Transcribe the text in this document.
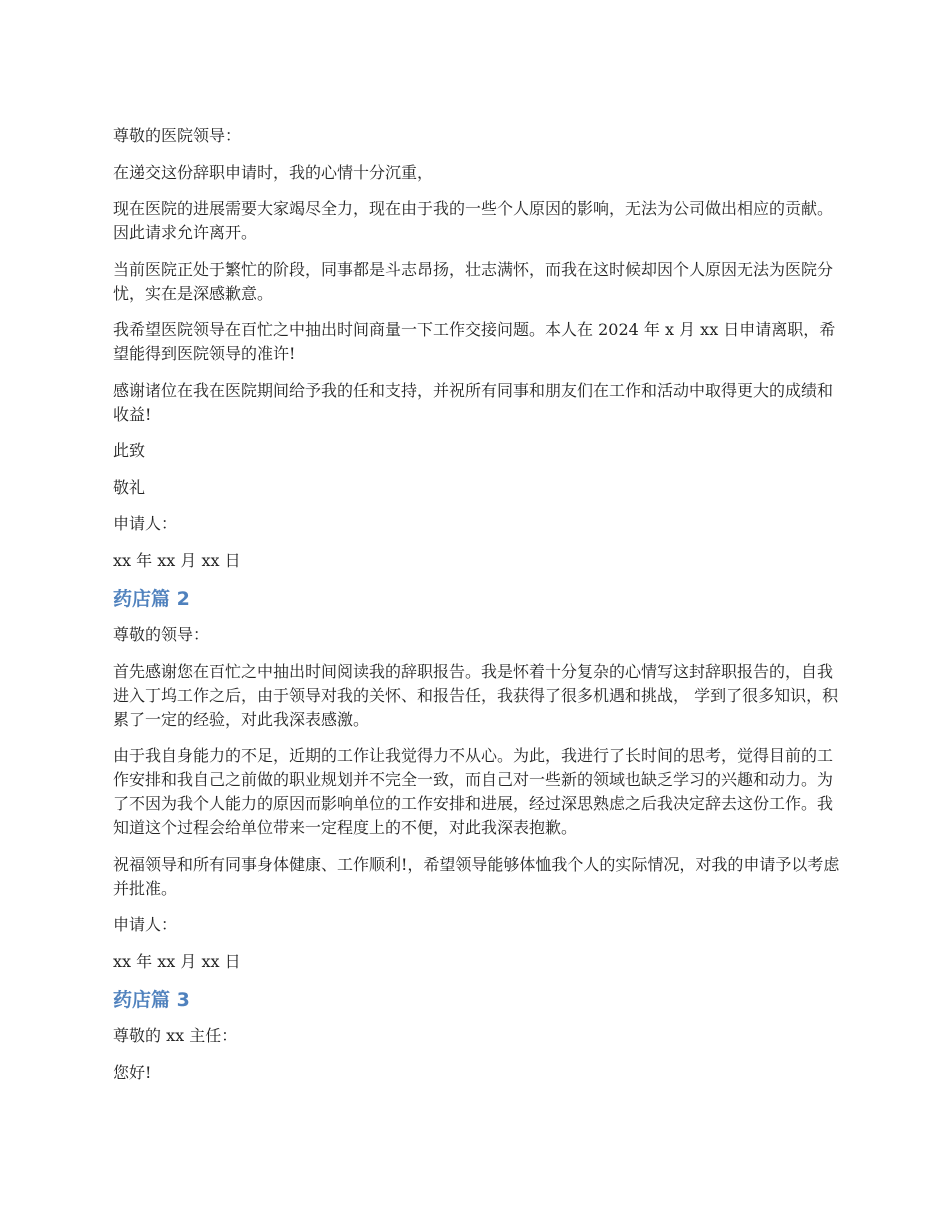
尊敬的医院领导：

在递交这份辞职申请时，我的心情十分沉重，

现在医院的进展需要大家竭尽全力，现在由于我的一些个人原因的影响，无法为公司做出相应的贡献。因此请求允许离开。

当前医院正处于繁忙的阶段，同事都是斗志昂扬，壮志满怀，而我在这时候却因个人原因无法为医院分忧，实在是深感歉意。

我希望医院领导在百忙之中抽出时间商量一下工作交接问题。本人在 2024 年 x 月 xx 日申请离职，希望能得到医院领导的准许!

感谢诸位在我在医院期间给予我的任和支持，并祝所有同事和朋友们在工作和活动中取得更大的成绩和收益!

此致

敬礼

申请人：

xx 年 xx 月 xx 日

药店篇 2

尊敬的领导：

首先感谢您在百忙之中抽出时间阅读我的辞职报告。我是怀着十分复杂的心情写这封辞职报告的，自我进入丁坞工作之后，由于领导对我的关怀、和报告任，我获得了很多机遇和挑战， 学到了很多知识，积累了一定的经验，对此我深表感激。

由于我自身能力的不足，近期的工作让我觉得力不从心。为此，我进行了长时间的思考，觉得目前的工作安排和我自己之前做的职业规划并不完全一致，而自己对一些新的领域也缺乏学习的兴趣和动力。为了不因为我个人能力的原因而影响单位的工作安排和进展，经过深思熟虑之后我决定辞去这份工作。我知道这个过程会给单位带来一定程度上的不便，对此我深表抱歉。

祝福领导和所有同事身体健康、工作顺利!，希望领导能够体恤我个人的实际情况，对我的申请予以考虑并批准。

申请人：

xx 年 xx 月 xx 日

药店篇 3

尊敬的 xx 主任：

您好!
